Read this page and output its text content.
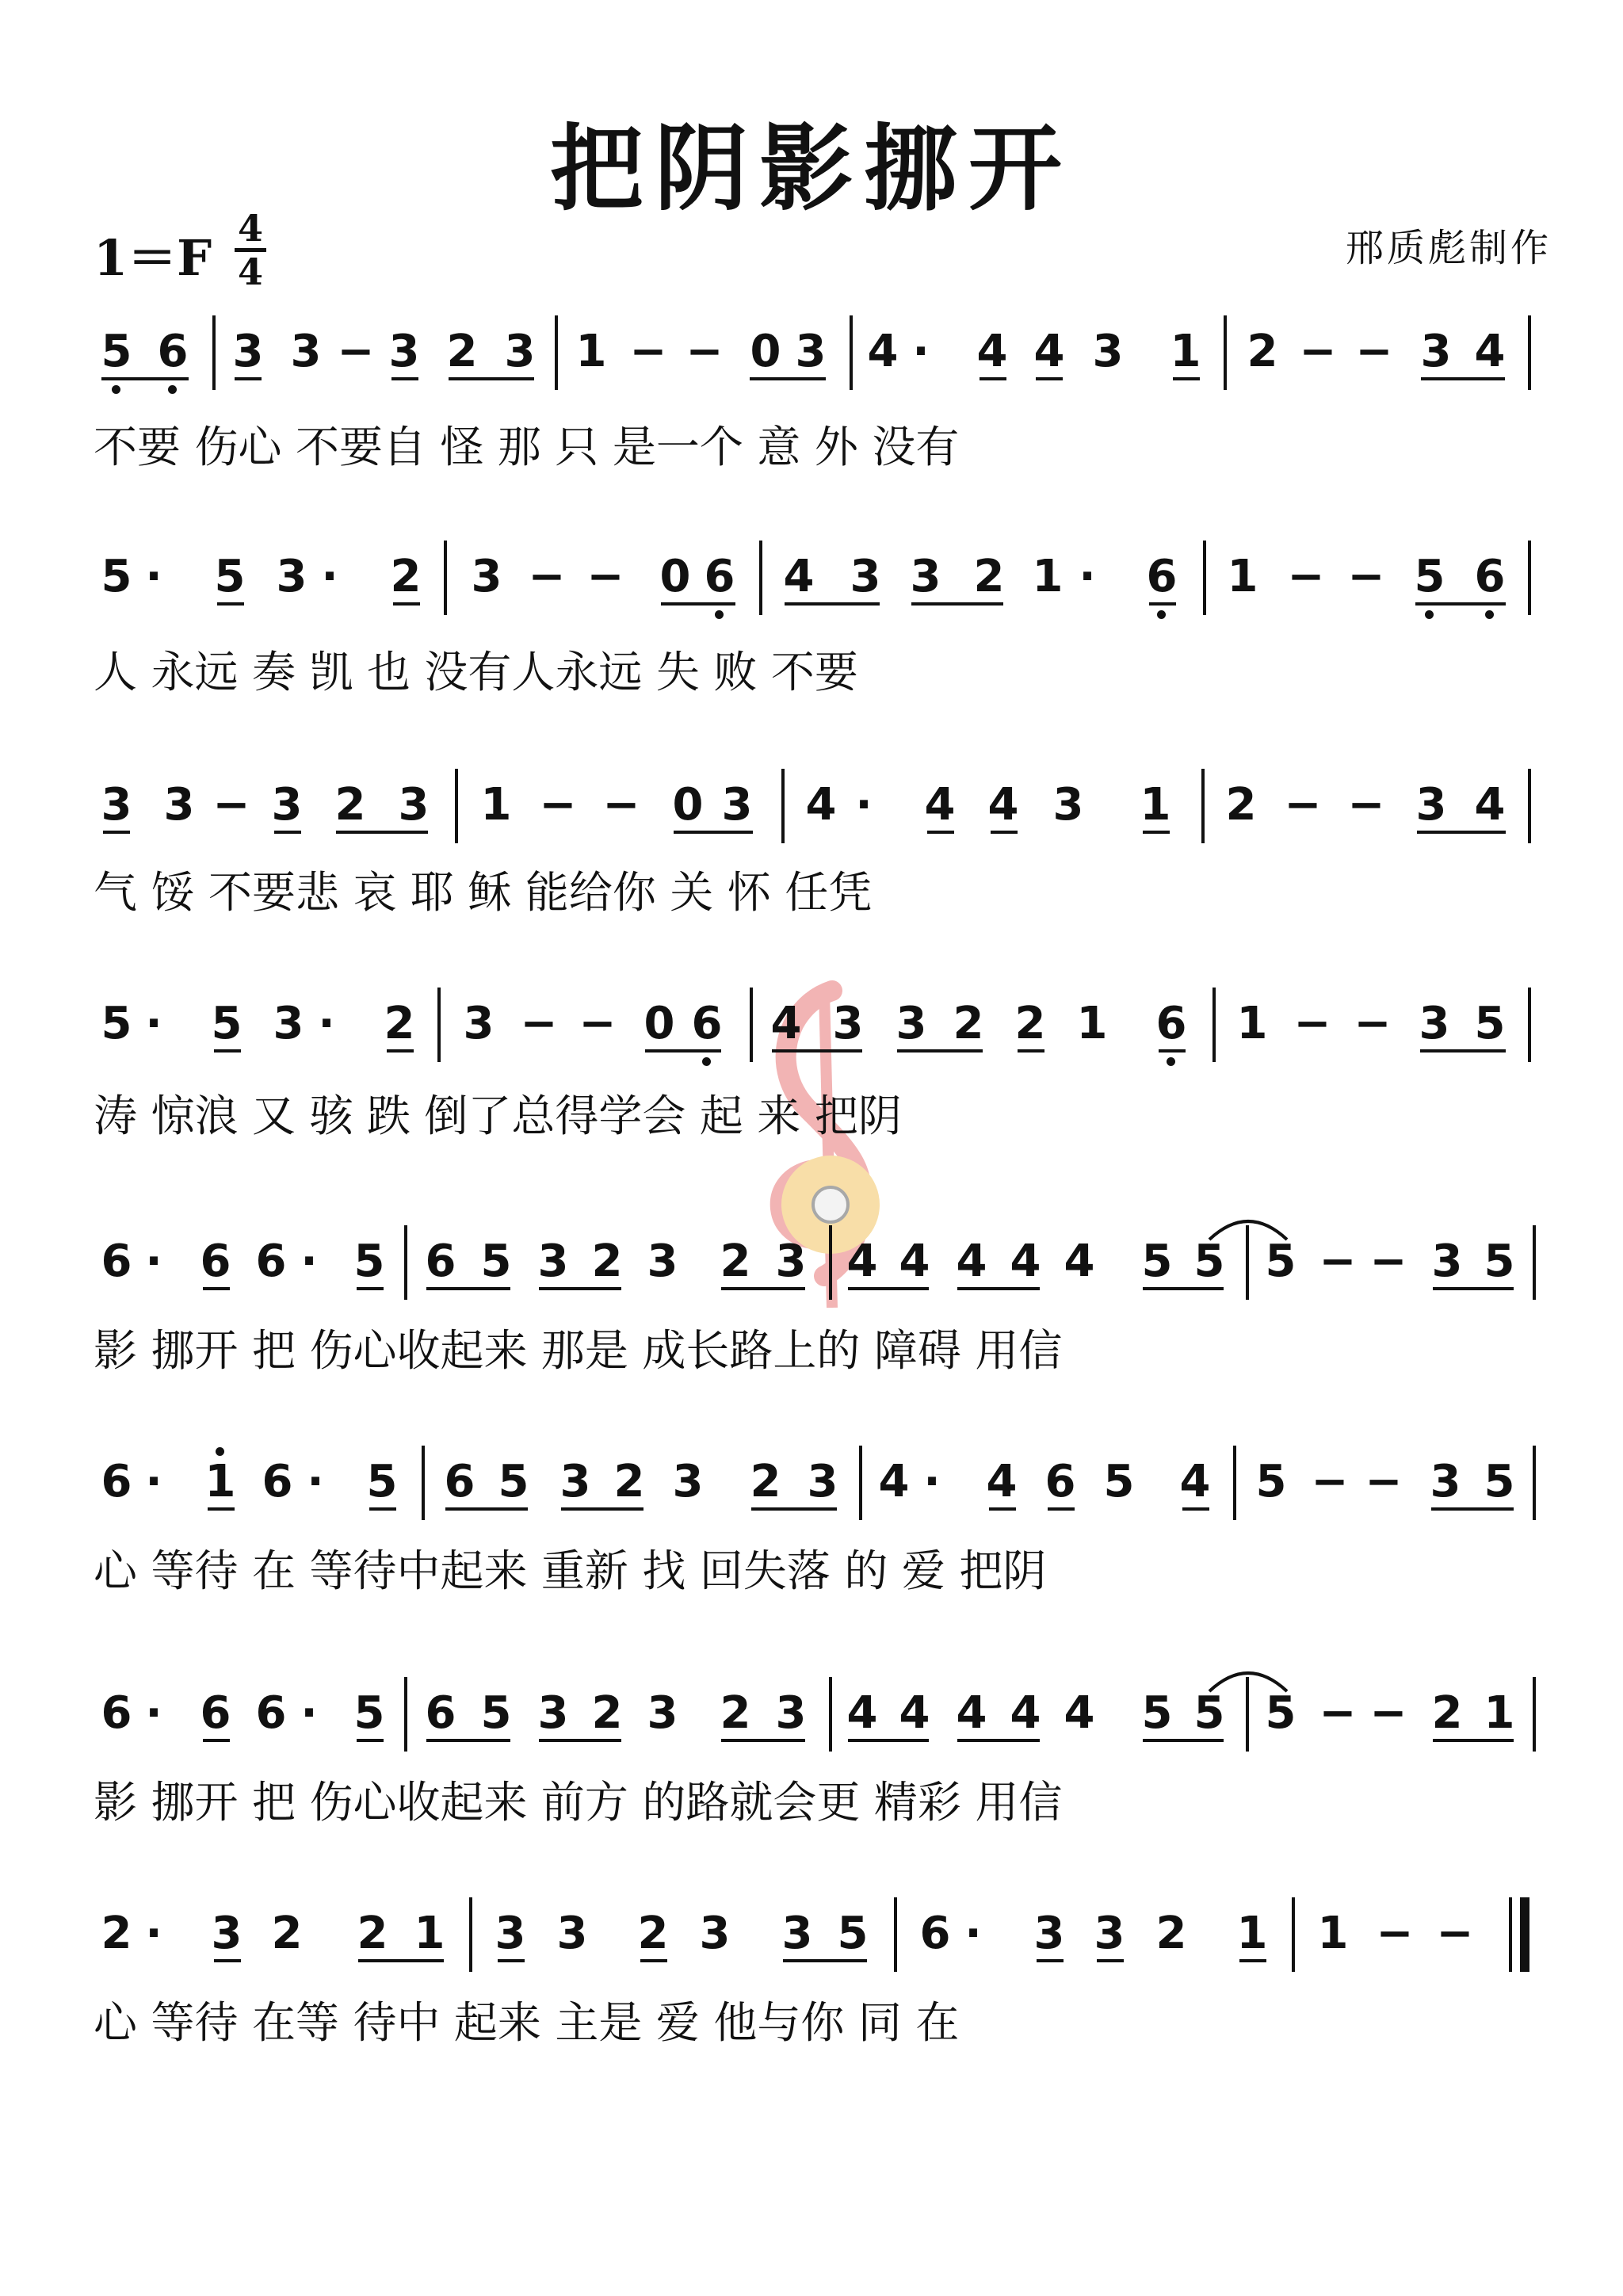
把阴影挪开
1＝F
4
4
邢质彪制作
5 6 3 3 − 3 2 3 1 − − 0 3 4 · 4 4 3 1 2 − − 3 4
不要 伤心 不要自 怪 那 只 是一个 意 外 没有
5 · 5 3 · 2 3 − − 0 6 4 3 3 2 1 · 6 1 − − 5 6
人 永远 奏 凯 也 没有人永远 失 败 不要
3 3 − 3 2 3 1 − − 0 3 4 · 4 4 3 1 2 − − 3 4
气 馁 不要悲 哀 耶 稣 能给你 关 怀 任凭
5 · 5 3 · 2 3 − − 0 6 4 3 3 2 2 1 6 1 − − 3 5
涛 惊浪 又 骇 跌 倒了总得学会 起 来 把阴
6 · 6 6 · 5 6 5 3 2 3 2 3 4 4 4 4 4 5 5 5 − − 3 5
影 挪开 把 伤心收起来 那是 成长路上的 障碍 用信
6 · 1 6 · 5 6 5 3 2 3 2 3 4 · 4 6 5 4 5 − − 3 5
心 等待 在 等待中起来 重新 找 回失落 的 爱 把阴
6 · 6 6 · 5 6 5 3 2 3 2 3 4 4 4 4 4 5 5 5 − − 2 1
影 挪开 把 伤心收起来 前方 的路就会更 精彩 用信
2 · 3 2 2 1 3 3 2 3 3 5 6 · 3 3 2 1 1 − −
心 等待 在等 待中 起来 主是 爱 他与你 同 在
